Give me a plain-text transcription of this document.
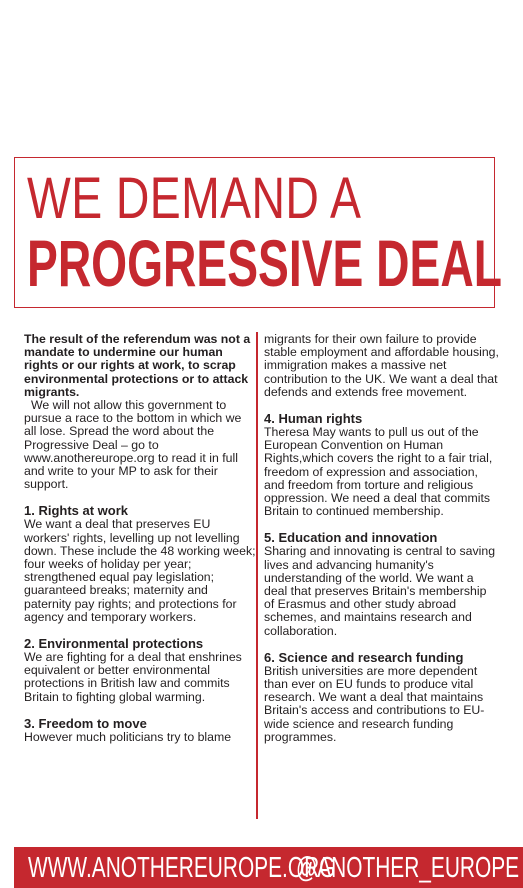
WE DEMAND A
PROGRESSIVE DEAL

The result of the referendum was not a mandate to undermine our human rights or our rights at work, to scrap environmental protections or to attack migrants.

We will not allow this government to pursue a race to the bottom in which we all lose. Spread the word about the Progressive Deal – go to www.anothereurope.org to read it in full and write to your MP to ask for their support.

1. Rights at work

We want a deal that preserves EU workers' rights, levelling up not levelling down. These include the 48 working week; four weeks of holiday per year; strengthened equal pay legislation; guaranteed breaks; maternity and paternity pay rights; and protections for agency and temporary workers.

2. Environmental protections

We are fighting for a deal that enshrines equivalent or better environmental protections in British law and commits Britain to fighting global warming.

3. Freedom to move

However much politicians try to blame

migrants for their own failure to provide stable employment and affordable housing, immigration makes a massive net contribution to the UK. We want a deal that defends and extends free movement.

4. Human rights

Theresa May wants to pull us out of the European Convention on Human Rights,which covers the right to a fair trial, freedom of expression and association, and freedom from torture and religious oppression. We need a deal that commits Britain to continued membership.

5. Education and innovation

Sharing and innovating is central to saving lives and advancing humanity's understanding of the world. We want a deal that preserves Britain's membership of Erasmus and other study abroad schemes, and maintains research and collaboration.

6. Science and research funding

British universities are more dependent than ever on EU funds to produce vital research. We want a deal that maintains Britain's access and contributions to EU-wide science and research funding programmes.

WWW.ANOTHEREUROPE.ORG
@ANOTHER_EUROPE
